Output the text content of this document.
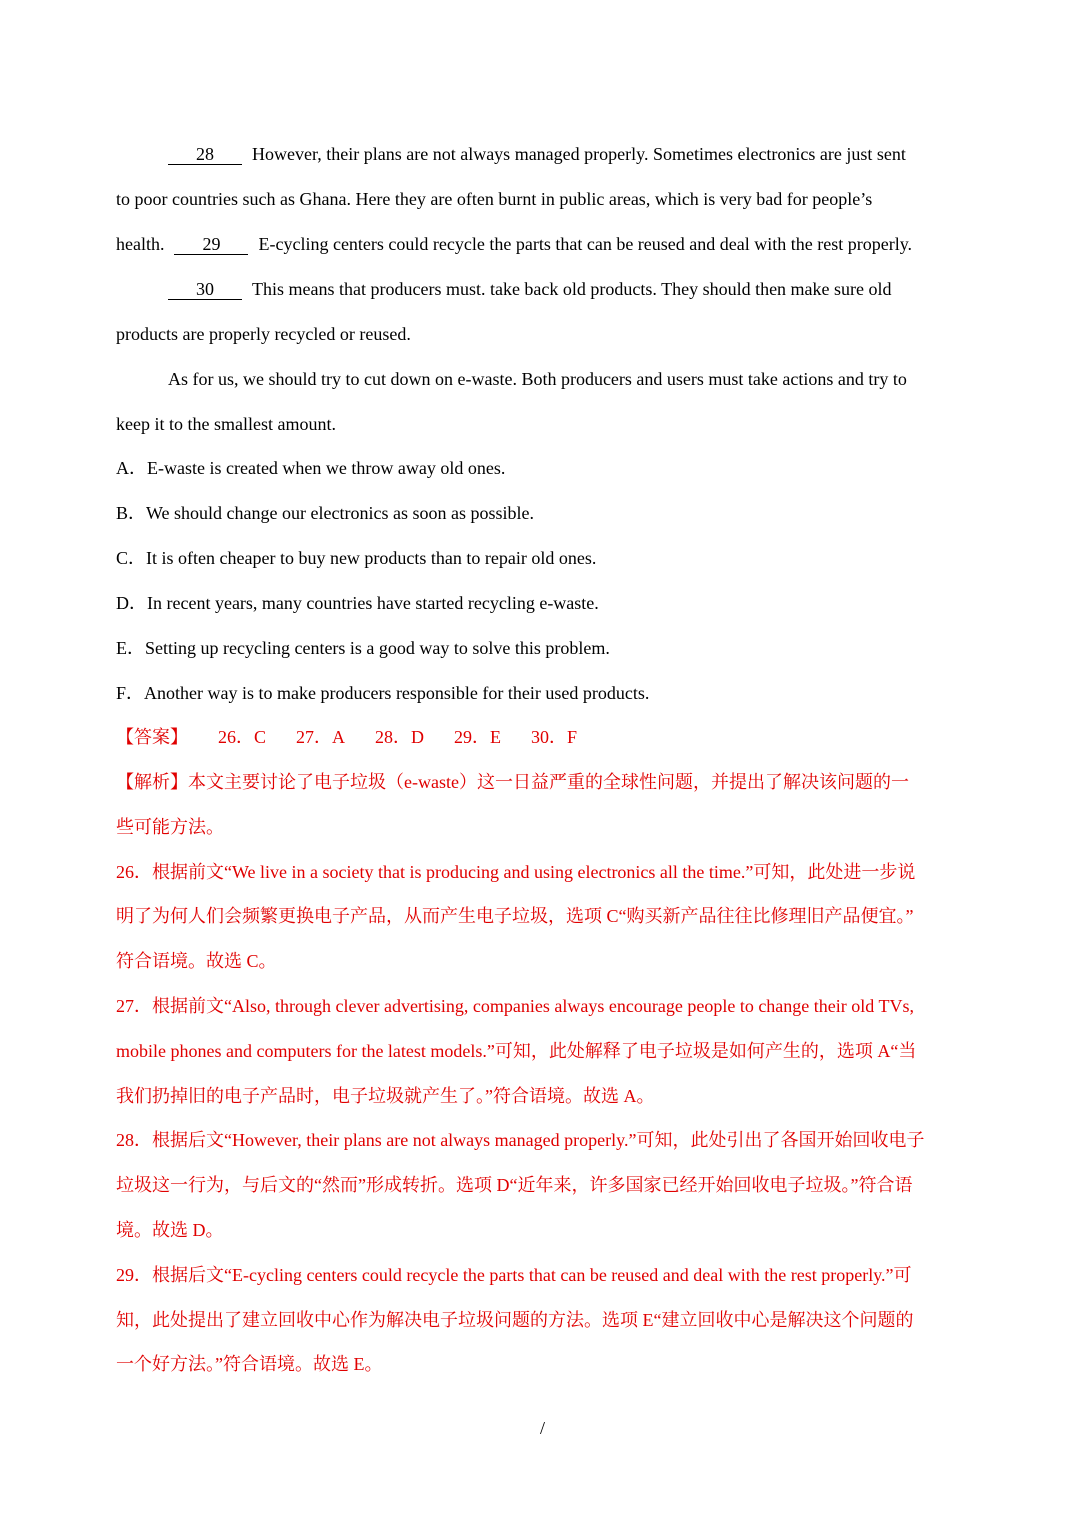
28 However, their plans are not always managed properly. Sometimes electronics are just sent
to poor countries such as Ghana. Here they are often burnt in public areas, which is very bad for people’s
health. 29 E-cycling centers could recycle the parts that can be reused and deal with the rest properly.
30 This means that producers must. take back old products. They should then make sure old
products are properly recycled or reused.
As for us, we should try to cut down on e-waste. Both producers and users must take actions and try to
keep it to the smallest amount.
A．E-waste is created when we throw away old ones.
B．We should change our electronics as soon as possible.
C．It is often cheaper to buy new products than to repair old ones.
D．In recent years, many countries have started recycling e-waste.
E．Setting up recycling centers is a good way to solve this problem.
F．Another way is to make producers responsible for their used products.
【答案】 26．C 27．A 28．D 29．E 30．F
【解析】本文主要讨论了电子垃圾（e-waste）这一日益严重的全球性问题，并提出了解决该问题的一
些可能方法。
26．根据前文“We live in a society that is producing and using electronics all the time.”可知，此处进一步说
明了为何人们会频繁更换电子产品，从而产生电子垃圾，选项 C“购买新产品往往比修理旧产品便宜。”
符合语境。故选 C。
27．根据前文“Also, through clever advertising, companies always encourage people to change their old TVs,
mobile phones and computers for the latest models.”可知，此处解释了电子垃圾是如何产生的，选项 A“当
我们扔掉旧的电子产品时，电子垃圾就产生了。”符合语境。故选 A。
28．根据后文“However, their plans are not always managed properly.”可知，此处引出了各国开始回收电子
垃圾这一行为，与后文的“然而”形成转折。选项 D“近年来，许多国家已经开始回收电子垃圾。”符合语
境。故选 D。
29．根据后文“E-cycling centers could recycle the parts that can be reused and deal with the rest properly.”可
知，此处提出了建立回收中心作为解决电子垃圾问题的方法。选项 E“建立回收中心是解决这个问题的
一个好方法。”符合语境。故选 E。
/
